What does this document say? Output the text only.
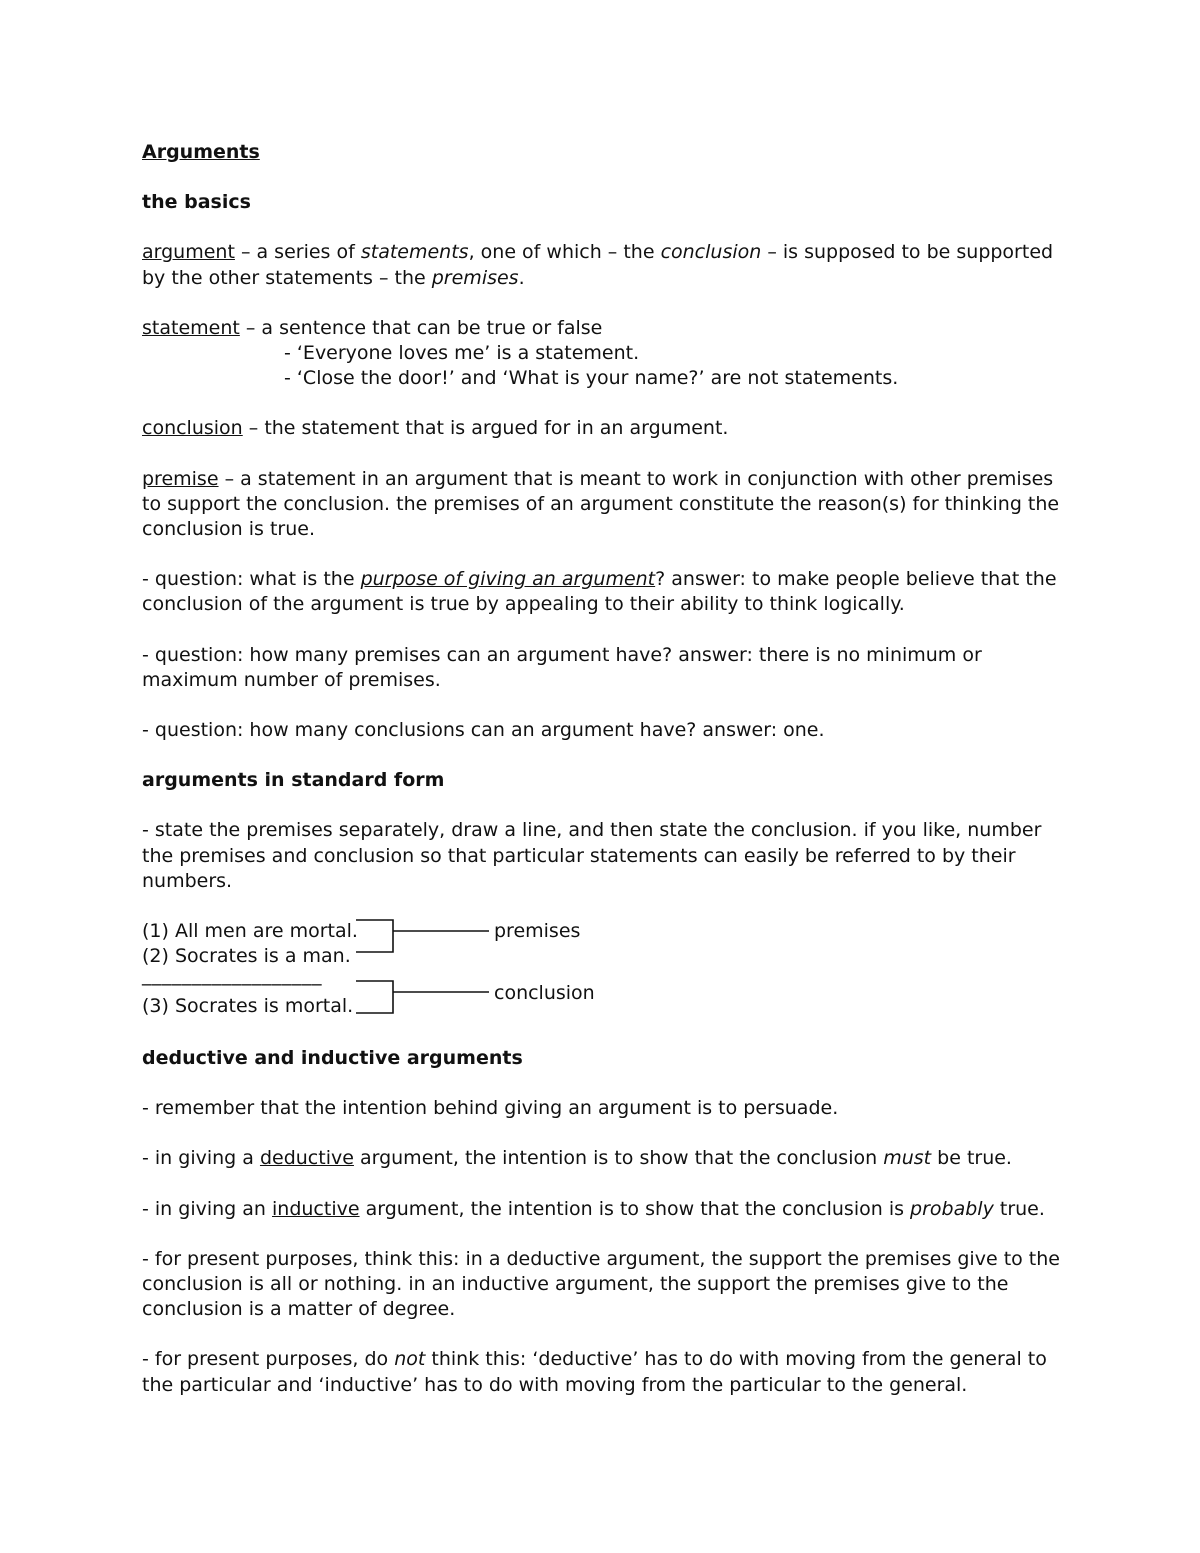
Arguments
the basics

argument – a series of statements, one of which – the conclusion – is supposed to be supported by the other statements – the premises.

statement – a sentence that can be true or false
- ‘Everyone loves me’ is a statement.
- ‘Close the door!’ and ‘What is your name?’ are not statements.

conclusion – the statement that is argued for in an argument.

premise – a statement in an argument that is meant to work in conjunction with other premises to support the conclusion. the premises of an argument constitute the reason(s) for thinking the conclusion is true.

- question: what is the purpose of giving an argument? answer: to make people believe that the conclusion of the argument is true by appealing to their ability to think logically.

- question: how many premises can an argument have? answer: there is no minimum or maximum number of premises.

- question: how many conclusions can an argument have? answer: one.

arguments in standard form

- state the premises separately, draw a line, and then state the conclusion. if you like, number the premises and conclusion so that particular statements can easily be referred to by their numbers.

(1) All men are mortal.
(2) Socrates is a man.
__________________
(3) Socrates is mortal.
premises
conclusion
deductive and inductive arguments

- remember that the intention behind giving an argument is to persuade.

- in giving a deductive argument, the intention is to show that the conclusion must be true.

- in giving an inductive argument, the intention is to show that the conclusion is probably true.

- for present purposes, think this: in a deductive argument, the support the premises give to the conclusion is all or nothing. in an inductive argument, the support the premises give to the conclusion is a matter of degree.

- for present purposes, do not think this: ‘deductive’ has to do with moving from the general to the particular and ‘inductive’ has to do with moving from the particular to the general.
